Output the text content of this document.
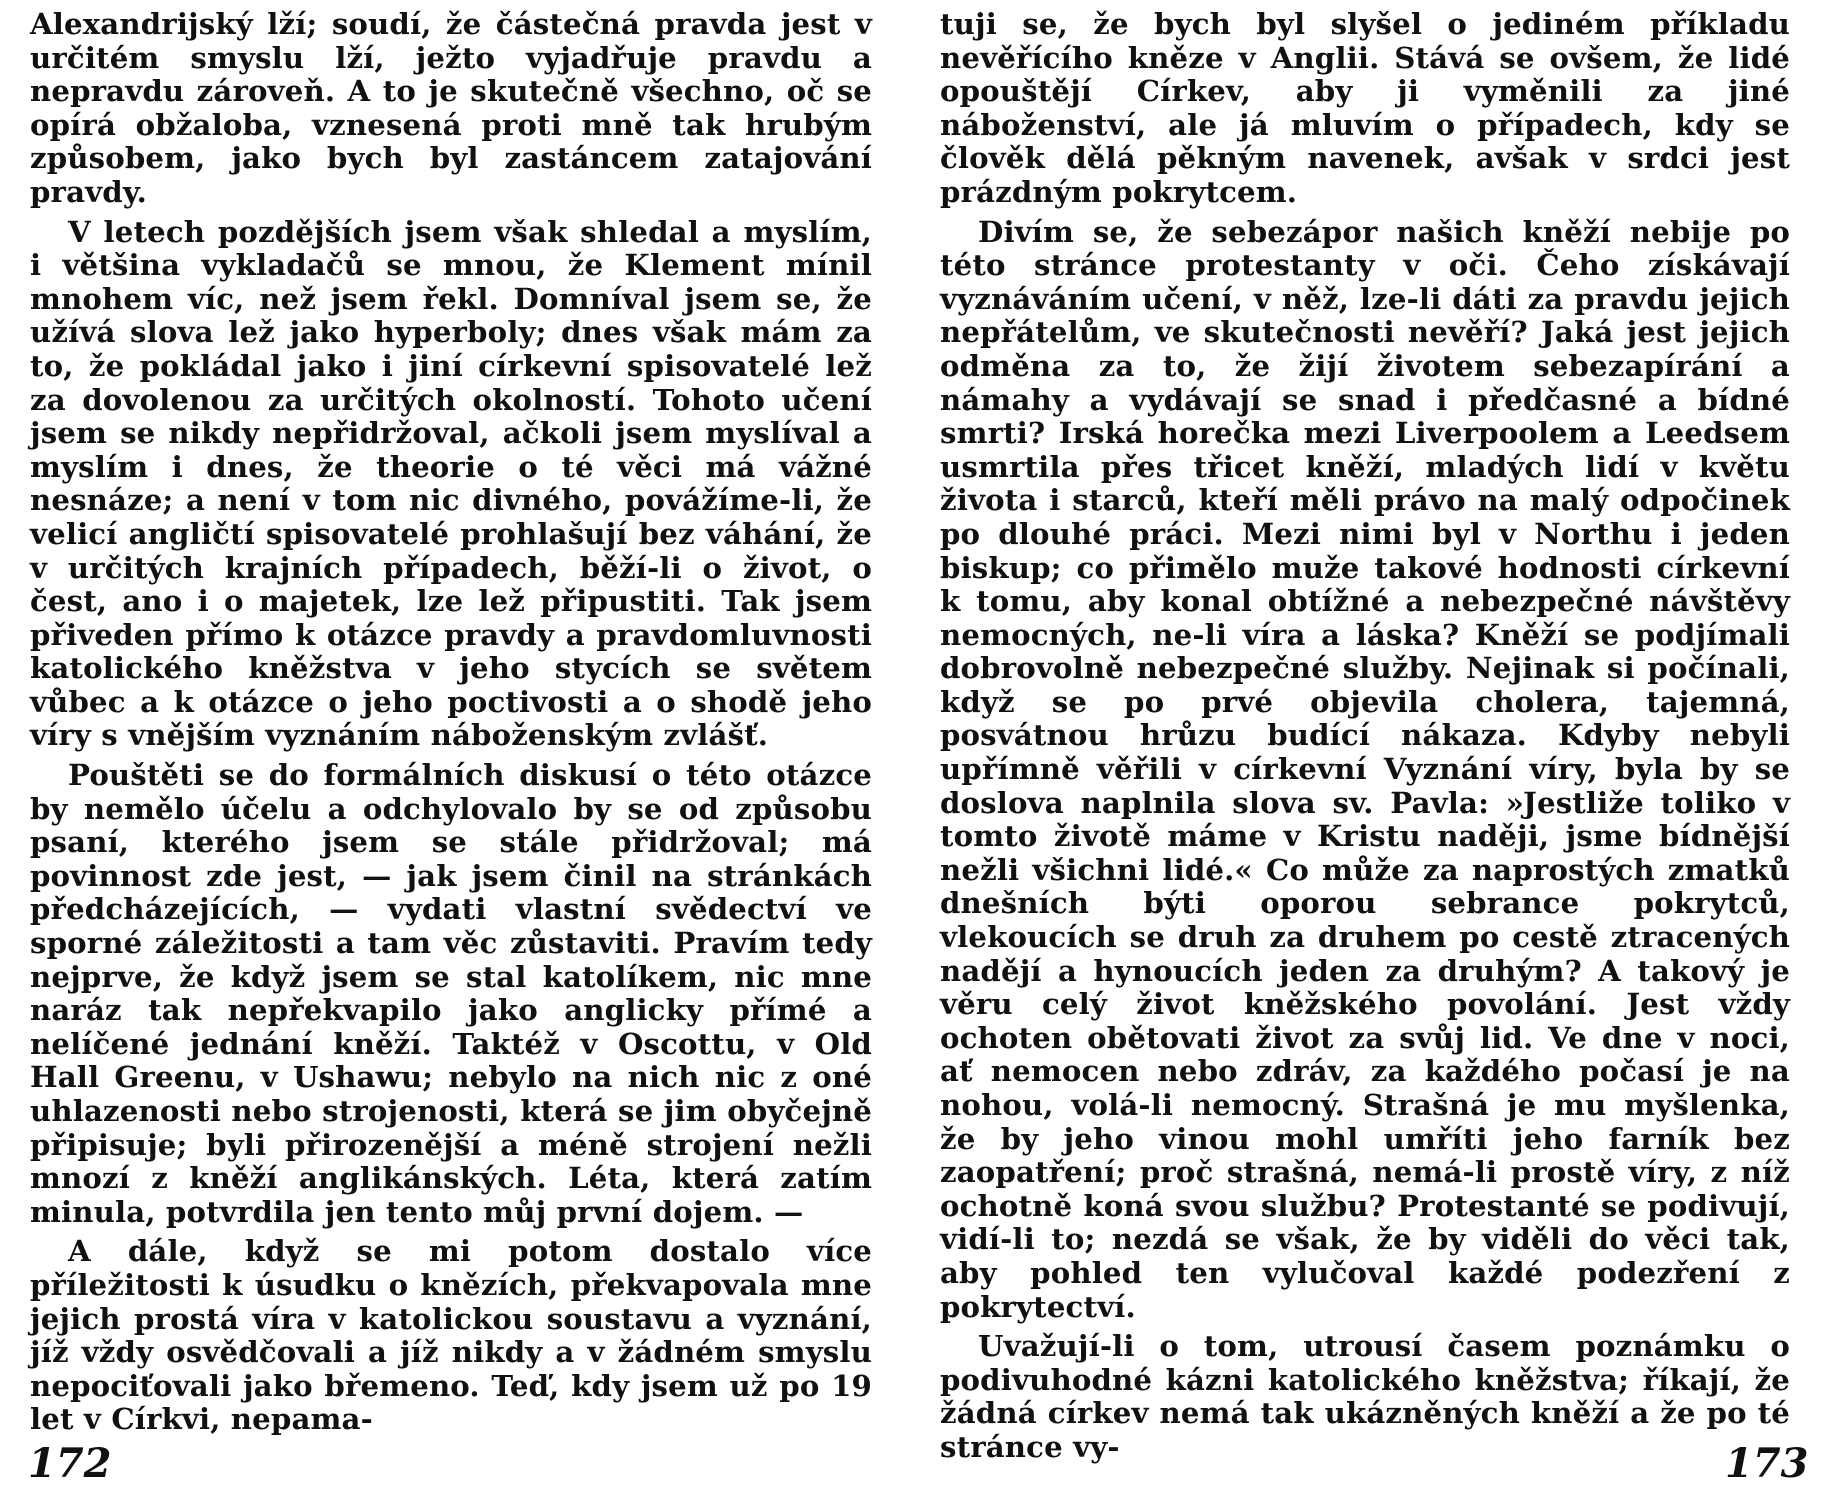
Alexandrijský lží; soudí, že částečná pravda jest v určitém smyslu lží, ježto vyjadřuje pravdu a nepravdu zároveň. A to je skutečně všechno, oč se opírá obžaloba, vznesená proti mně tak hrubým způsobem, jako bych byl zastáncem zatajování pravdy.

V letech pozdějších jsem však shledal a myslím, i většina vykladačů se mnou, že Klement mínil mnohem víc, než jsem řekl. Domníval jsem se, že užívá slova lež jako hyperboly; dnes však mám za to, že pokládal jako i jiní církevní spisovatelé lež za dovolenou za určitých okolností. Tohoto učení jsem se nikdy nepřidržoval, ačkoli jsem myslíval a myslím i dnes, že theorie o té věci má vážné nesnáze; a není v tom nic divného, povážíme-li, že velicí angličtí spisovatelé prohlašují bez váhání, že v určitých krajních případech, běží-li o život, o čest, ano i o majetek, lze lež připustiti. Tak jsem přiveden přímo k otázce pravdy a pravdomluvnosti katolického kněžstva v jeho stycích se světem vůbec a k otázce o jeho poctivosti a o shodě jeho víry s vnějším vyznáním náboženským zvlášť.

Pouštěti se do formálních diskusí o této otázce by nemělo účelu a odchylovalo by se od způsobu psaní, kterého jsem se stále přidržoval; má povinnost zde jest, — jak jsem činil na stránkách předcházejících, — vydati vlastní svědectví ve sporné záležitosti a tam věc zůstaviti. Pravím tedy nejprve, že když jsem se stal katolíkem, nic mne naráz tak nepřekvapilo jako anglicky přímé a nelíčené jednání kněží. Taktéž v Oscottu, v Old Hall Greenu, v Ushawu; nebylo na nich nic z oné uhlazenosti nebo strojenosti, která se jim obyčejně připisuje; byli přirozenější a méně strojení nežli mnozí z kněží anglikánských. Léta, která zatím minula, potvrdila jen tento můj první dojem. —

A dále, když se mi potom dostalo více příležitosti k úsudku o knězích, překvapovala mne jejich prostá víra v katolickou soustavu a vyznání, jíž vždy osvědčovali a jíž nikdy a v žádném smyslu nepociťovali jako břemeno. Teď, kdy jsem už po 19 let v Církvi, nepama-

tuji se, že bych byl slyšel o jediném příkladu nevěřícího kněze v Anglii. Stává se ovšem, že lidé opouštějí Církev, aby ji vyměnili za jiné náboženství, ale já mluvím o případech, kdy se člověk dělá pěkným navenek, avšak v srdci jest prázdným pokrytcem.

Divím se, že sebezápor našich kněží nebije po této stránce protestanty v oči. Čeho získávají vyznáváním učení, v něž, lze-li dáti za pravdu jejich nepřátelům, ve skutečnosti nevěří? Jaká jest jejich odměna za to, že žijí životem sebezapírání a námahy a vydávají se snad i předčasné a bídné smrti? Irská horečka mezi Liverpoolem a Leedsem usmrtila přes třicet kněží, mladých lidí v květu života i starců, kteří měli právo na malý odpočinek po dlouhé práci. Mezi nimi byl v Northu i jeden biskup; co přimělo muže takové hodnosti církevní k tomu, aby konal obtížné a nebezpečné návštěvy nemocných, ne-li víra a láska? Kněží se podjímali dobrovolně nebezpečné služby. Nejinak si počínali, když se po prvé objevila cholera, tajemná, posvátnou hrůzu budící nákaza. Kdyby nebyli upřímně věřili v církevní Vyznání víry, byla by se doslova naplnila slova sv. Pavla: »Jestliže toliko v tomto životě máme v Kristu naději, jsme bídnější nežli všichni lidé.« Co může za naprostých zmatků dnešních býti oporou sebrance pokrytců, vlekoucích se druh za druhem po cestě ztracených nadějí a hynoucích jeden za druhým? A takový je věru celý život kněžského povolání. Jest vždy ochoten obětovati život za svůj lid. Ve dne v noci, ať nemocen nebo zdráv, za každého počasí je na nohou, volá-li nemocný. Strašná je mu myšlenka, že by jeho vinou mohl umříti jeho farník bez zaopatření; proč strašná, nemá-li prostě víry, z níž ochotně koná svou službu? Protestanté se podivují, vidí-li to; nezdá se však, že by viděli do věci tak, aby pohled ten vylučoval každé podezření z pokrytectví.

Uvažují-li o tom, utrousí časem poznámku o podivuhodné kázni katolického kněžstva; říkají, že žádná církev nemá tak ukázněných kněží a že po té stránce vy-

172	173
